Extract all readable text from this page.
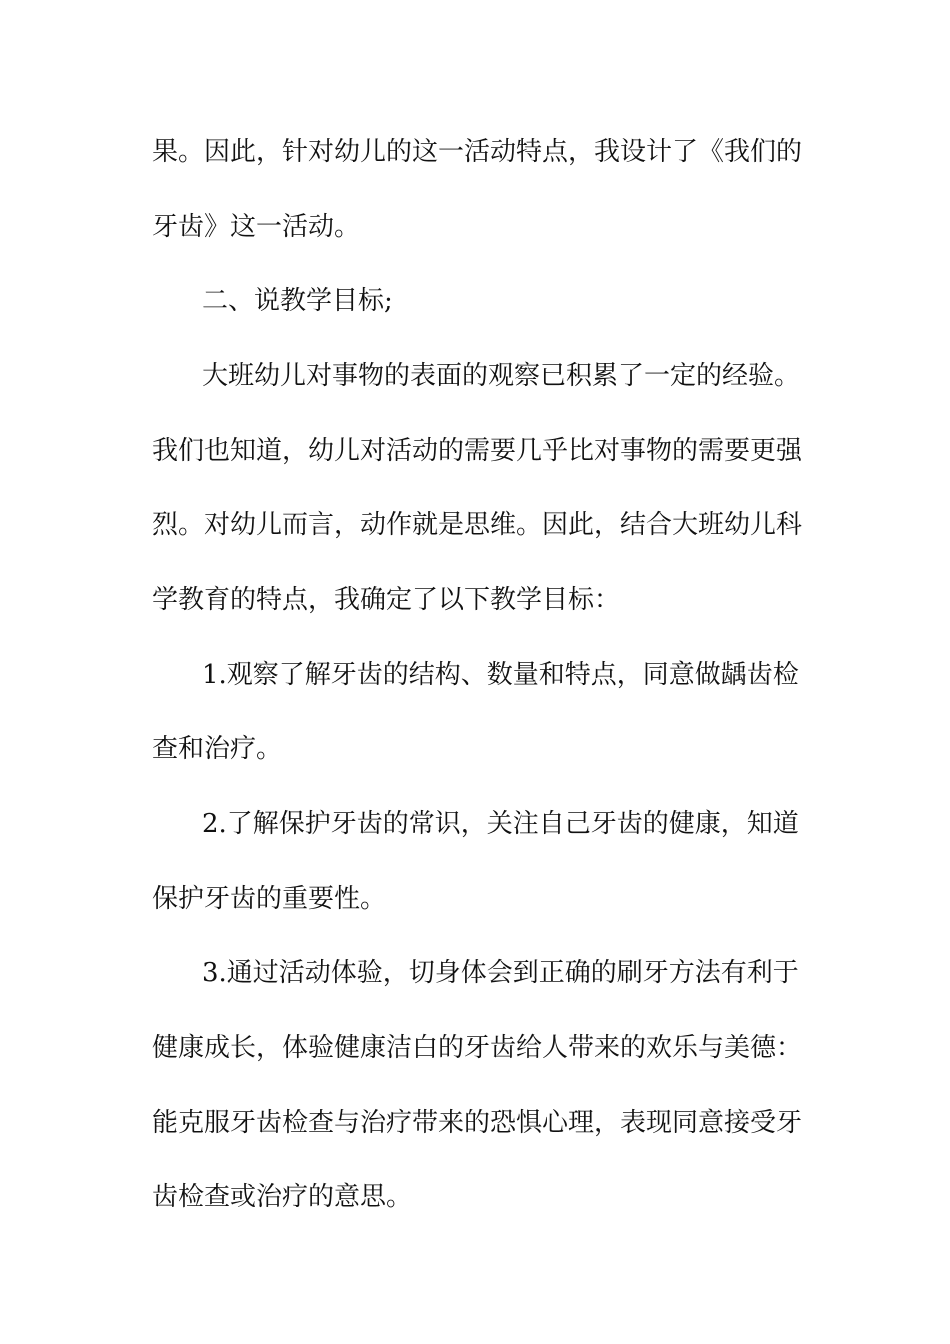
果。因此，针对幼儿的这一活动特点，我设计了《我们的

牙齿》这一活动。

二、说教学目标;

大班幼儿对事物的表面的观察已积累了一定的经验。

我们也知道，幼儿对活动的需要几乎比对事物的需要更强

烈。对幼儿而言，动作就是思维。因此，结合大班幼儿科

学教育的特点，我确定了以下教学目标：

1.观察了解牙齿的结构、数量和特点，同意做龋齿检

查和治疗。

2.了解保护牙齿的常识，关注自己牙齿的健康，知道

保护牙齿的重要性。

3.通过活动体验，切身体会到正确的刷牙方法有利于

健康成长，体验健康洁白的牙齿给人带来的欢乐与美德：

能克服牙齿检查与治疗带来的恐惧心理，表现同意接受牙

齿检查或治疗的意思。
